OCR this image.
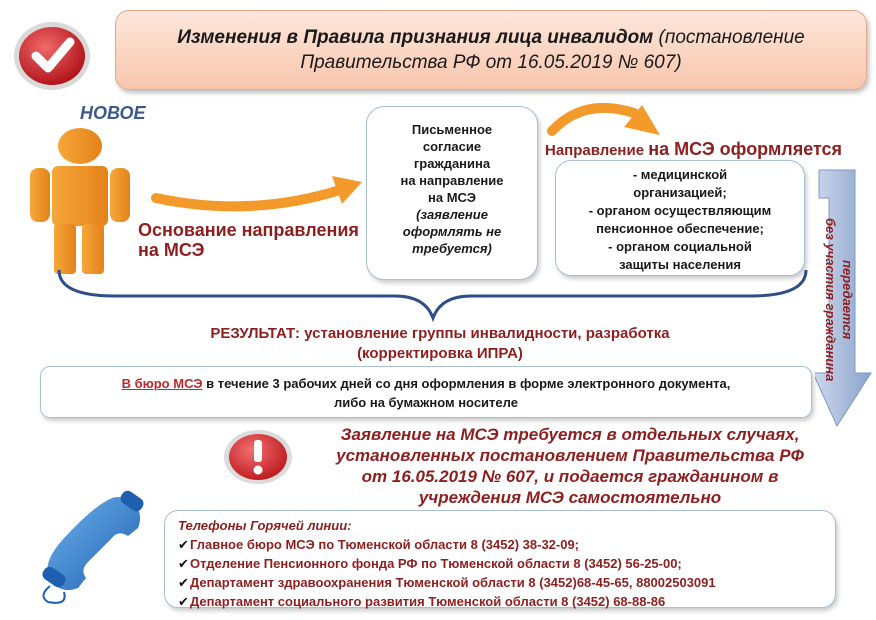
Изменения в Правила признания лица инвалидом (постановление
Правительства РФ от 16.05.2019 № 607)
НОВОЕ
Основание направления
на МСЭ
Письменное
согласие
гражданина
на направление
на МСЭ
(заявление
оформлять не
требуется)
Направление на МСЭ оформляется
- медицинской
организацией;
- органом осуществляющим
пенсионное обеспечение;
- органом социальной
защиты населения	передается
без участия гражданина
РЕЗУЛЬТАТ: установление группы инвалидности, разработка
(корректировка ИПРА)
В бюро МСЭ в течение 3 рабочих дней со дня оформления в форме электронного документа,
либо на бумажном носителе
Заявление на МСЭ требуется в отдельных случаях,
установленных постановлением Правительства РФ
от 16.05.2019 № 607, и подается гражданином в
учреждения МСЭ самостоятельно
Телефоны Горячей линии:
✔ Главное бюро МСЭ по Тюменской области 8 (3452) 38-32-09;
✔ Отделение Пенсионного фонда РФ по Тюменской области 8 (3452) 56-25-00;
✔ Департамент здравоохранения Тюменской области 8 (3452)68-45-65, 88002503091
✔ Департамент социального развития Тюменской области 8 (3452) 68-88-86
